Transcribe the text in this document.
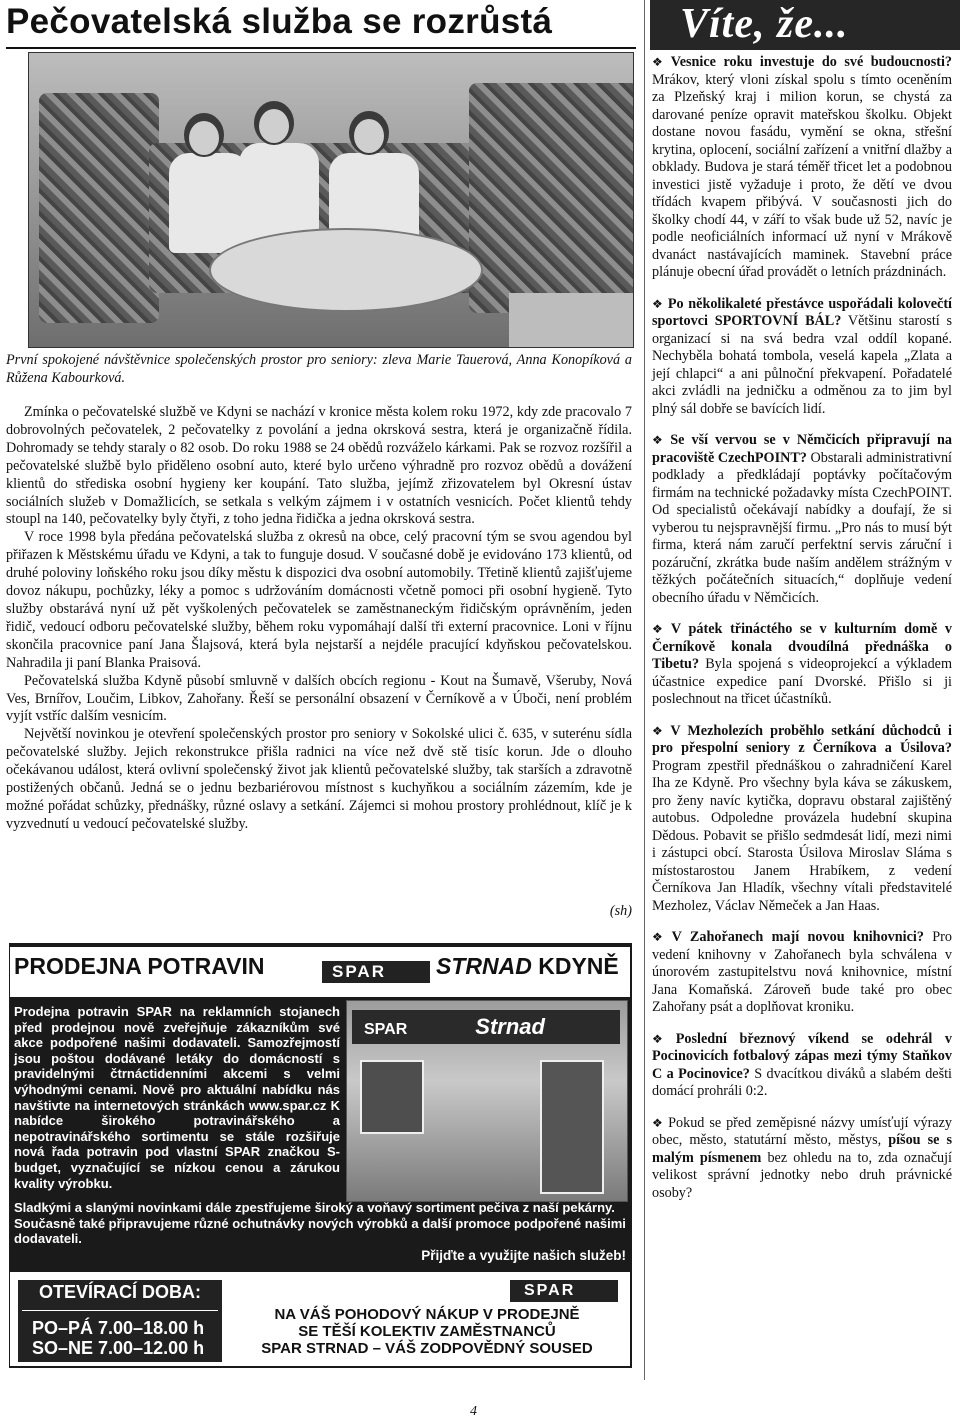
Pečovatelská služba se rozrůstá
První spokojené návštěvnice společenských prostor pro seniory: zleva Marie Tauerová, Anna Konopíková a Růžena Kabourková.

Zmínka o pečovatelské službě ve Kdyni se nachází v kronice města kolem roku 1972, kdy zde pracovalo 7 dobrovolných pečovatelek, 2 pečovatelky z povolání a jedna okrsková sestra, která je organizačně řídila. Dohromady se tehdy staraly o 82 osob. Do roku 1988 se 24 obědů rozváželo kárkami. Pak se rozvoz rozšířil a pečovatelské službě bylo přiděleno osobní auto, které bylo určeno výhradně pro rozvoz obědů a dovážení klientů do střediska osobní hygieny ker koupání. Tato služba, jejímž zřizovatelem byl Okresní ústav sociálních služeb v Domažlicích, se setkala s velkým zájmem i v ostatních vesnicích. Počet klientů tehdy stoupl na 140, pečovatelky byly čtyři, z toho jedna řidička a jedna okrsková sestra.

V roce 1998 byla předána pečovatelská služba z okresů na obce, celý pracovní tým se svou agendou byl přiřazen k Městskému úřadu ve Kdyni, a tak to funguje dosud. V současné době je evidováno 173 klientů, od druhé poloviny loňského roku jsou díky městu k dispozici dva osobní automobily. Třetině klientů zajišťujeme dovoz nákupu, pochůzky, léky a pomoc s udržováním domácnosti včetně pomoci při osobní hygieně. Tyto služby obstarává nyní už pět vyškolených pečovatelek se zaměstnaneckým řidičským oprávněním, jeden řidič, vedoucí odboru pečovatelské služby, během roku vypomáhají další tři externí pracovnice. Loni v říjnu skončila pracovnice paní Jana Šlajsová, která byla nejstarší a nejdéle pracující kdyňskou pečovatelskou. Nahradila ji paní Blanka Praisová.

Pečovatelská služba Kdyně působí smluvně v dalších obcích regionu - Kout na Šumavě, Všeruby, Nová Ves, Brnířov, Loučim, Libkov, Zahořany. Řeší se personální obsazení v Černíkově a v Úboči, není problém vyjít vstříc dalším vesnicím.

Největší novinkou je otevření společenských prostor pro seniory v Sokolské ulici č. 635, v suterénu sídla pečovatelské služby. Jejich rekonstrukce přišla radnici na více než dvě stě tisíc korun. Jde o dlouho očekávanou událost, která ovlivní společenský život jak klientů pečovatelské služby, tak starších a zdravotně postižených občanů. Jedná se o jednu bezbariérovou místnost s kuchyňkou a sociálním zázemím, kde je možné pořádat schůzky, přednášky, různé oslavy a setkání. Zájemci si mohou prostory prohlédnout, klíč je k vyzvednutí u vedoucí pečovatelské služby.

(sh)
PRODEJNA POTRAVIN	SPAR	STRNAD KDYNĚ
Prodejna potravin SPAR na reklamních stojanech před prodejnou nově zveřejňuje zákazníkům své akce podpořené našimi dodavateli. Samozřejmostí jsou poštou dodávané letáky do domácností s pravidelnými čtrnáctidenními akcemi s velmi výhodnými cenami. Nově pro aktuální nabídku nás navštivte na internetových stránkách www.spar.cz K nabídce širokého potravinářského a nepotravinářského sortimentu se stále rozšiřuje nová řada potravin pod vlastní SPAR značkou S-budget, vyznačující se nízkou cenou a zárukou kvality výrobku.
SPAR	Strnad
Sladkými a slanými novinkami dále zpestřujeme široký a voňavý sortiment pečiva z naší pekárny. Současně také připravujeme různé ochutnávky nových výrobků a další promoce podpořené našimi dodavateli.
Přijďte a využijte našich služeb!
OTEVÍRACÍ DOBA:
PO–PÁ 7.00–18.00 h
SO–NE 7.00–12.00 h
SPAR
NA VÁŠ POHODOVÝ NÁKUP V PRODEJNĚ
SE TĚŠÍ KOLEKTIV ZAMĚSTNANCŮ
SPAR STRNAD – VÁŠ ZODPOVĚDNÝ SOUSED
Víte, že...
❖ Vesnice roku investuje do své budoucnosti? Mrákov, který vloni získal spolu s tímto oceněním za Plzeňský kraj i milion korun, se chystá za darované peníze opravit mateřskou školku. Objekt dostane novou fasádu, vymění se okna, střešní krytina, oplocení, sociální zařízení a vnitřní dlažby a obklady. Budova je stará téměř třicet let a podobnou investici jistě vyžaduje i proto, že dětí ve dvou třídách kvapem přibývá. V současnosti jich do školky chodí 44, v září to však bude už 52, navíc je podle neoficiálních informací už nyní v Mrákově dvanáct nastávajících maminek. Stavební práce plánuje obecní úřad provádět o letních prázdninách.
❖ Po několikaleté přestávce uspořádali kolovečtí sportovci SPORTOVNÍ BÁL? Většinu starostí s organizací si na svá bedra vzal oddíl kopané. Nechyběla bohatá tombola, veselá kapela „Zlata a její chlapci“ a ani půlnoční překvapení. Pořadatelé akci zvládli na jedničku a odměnou za to jim byl plný sál dobře se bavících lidí.
❖ Se vší vervou se v Němčicích připravují na pracoviště CzechPOINT? Obstarali administrativní podklady a předkládají poptávky počítačovým firmám na technické požadavky místa CzechPOINT. Od specialistů očekávají nabídky a doufají, že si vyberou tu nejspravnější firmu. „Pro nás to musí být firma, která nám zaručí perfektní servis záruční i pozáruční, zkrátka bude naším andělem strážným v těžkých počátečních situacích,“ doplňuje vedení obecního úřadu v Němčicích.
❖ V pátek třináctého se v kulturním domě v Černíkově konala dvoudílná přednáška o Tibetu? Byla spojená s videoprojekcí a výkladem účastnice expedice paní Dvorské. Přišlo si ji poslechnout na třicet účastníků.
❖ V Mezholezích proběhlo setkání důchodců i pro přespolní seniory z Černíkova a Úsilova? Program zpestřil přednáškou o zahradničení Karel Iha ze Kdyně. Pro všechny byla káva se zákuskem, pro ženy navíc kytička, dopravu obstaral zajištěný autobus. Odpoledne provázela hudební skupina Dědous. Pobavit se přišlo sedmdesát lidí, mezi nimi i zástupci obcí. Starosta Úsilova Miroslav Sláma s místostarostou Janem Hrabíkem, z vedení Černíkova Jan Hladík, všechny vítali představitelé Mezholez, Václav Němeček a Jan Haas.
❖ V Zahořanech mají novou knihovnici? Pro vedení knihovny v Zahořanech byla schválena v únorovém zastupitelstvu nová knihovnice, místní Jana Komaňská. Zároveň bude také pro obec Zahořany psát a doplňovat kroniku.
❖ Poslední březnový víkend se odehrál v Pocinovicích fotbalový zápas mezi týmy Staňkov C a Pocinovice? S dvacítkou diváků a slabém dešti domácí prohráli 0:2.
❖ Pokud se před zeměpisné názvy umísťují výrazy obec, město, statutární město, městys, píšou se s malým písmenem bez ohledu na to, zda označují velikost správní jednotky nebo druh právnické osoby?
4
